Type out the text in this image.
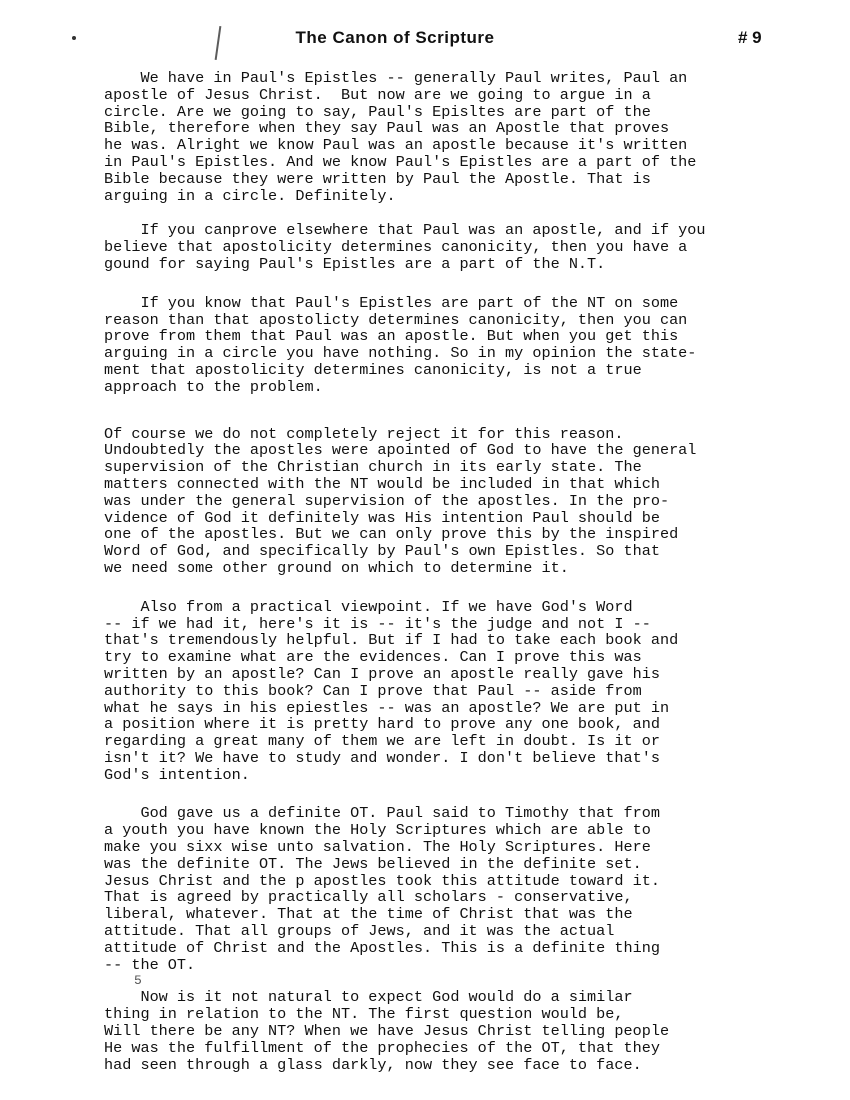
The Canon of Scripture	# 9

We have in Paul's Epistles -- generally Paul writes, Paul an
apostle of Jesus Christ.  But now are we going to argue in a
circle. Are we going to say, Paul's Episltes are part of the
Bible, therefore when they say Paul was an Apostle that proves
he was. Alright we know Paul was an apostle because it's written
in Paul's Epistles. And we know Paul's Epistles are a part of the
Bible because they were written by Paul the Apostle. That is
arguing in a circle. Definitely.

If you canprove elsewhere that Paul was an apostle, and if you
believe that apostolicity determines canonicity, then you have a
gound for saying Paul's Epistles are a part of the N.T.

If you know that Paul's Epistles are part of the NT on some
reason than that apostolicty determines canonicity, then you can
prove from them that Paul was an apostle. But when you get this
arguing in a circle you have nothing. So in my opinion the state-
ment that apostolicity determines canonicity, is not a true
approach to the problem.

Of course we do not completely reject it for this reason.
Undoubtedly the apostles were apointed of God to have the general
supervision of the Christian church in its early state. The
matters connected with the NT would be included in that which
was under the general supervision of the apostles. In the pro-
vidence of God it definitely was His intention Paul should be
one of the apostles. But we can only prove this by the inspired
Word of God, and specifically by Paul's own Epistles. So that
we need some other ground on which to determine it.

Also from a practical viewpoint. If we have God's Word
-- if we had it, here's it is -- it's the judge and not I --
that's tremendously helpful. But if I had to take each book and
try to examine what are the evidences. Can I prove this was
written by an apostle? Can I prove an apostle really gave his
authority to this book? Can I prove that Paul -- aside from
what he says in his epiestles -- was an apostle? We are put in
a position where it is pretty hard to prove any one book, and
regarding a great many of them we are left in doubt. Is it or
isn't it? We have to study and wonder. I don't believe that's
God's intention.

God gave us a definite OT. Paul said to Timothy that from
a youth you have known the Holy Scriptures which are able to
make you sixx wise unto salvation. The Holy Scriptures. Here
was the definite OT. The Jews believed in the definite set.
Jesus Christ and the p apostles took this attitude toward it.
That is agreed by practically all scholars - conservative,
liberal, whatever. That at the time of Christ that was the
attitude. That all groups of Jews, and it was the actual
attitude of Christ and the Apostles. This is a definite thing
-- the OT.

5

Now is it not natural to expect God would do a similar
thing in relation to the NT. The first question would be,
Will there be any NT? When we have Jesus Christ telling people
He was the fulfillment of the prophecies of the OT, that they
had seen through a glass darkly, now they see face to face.
